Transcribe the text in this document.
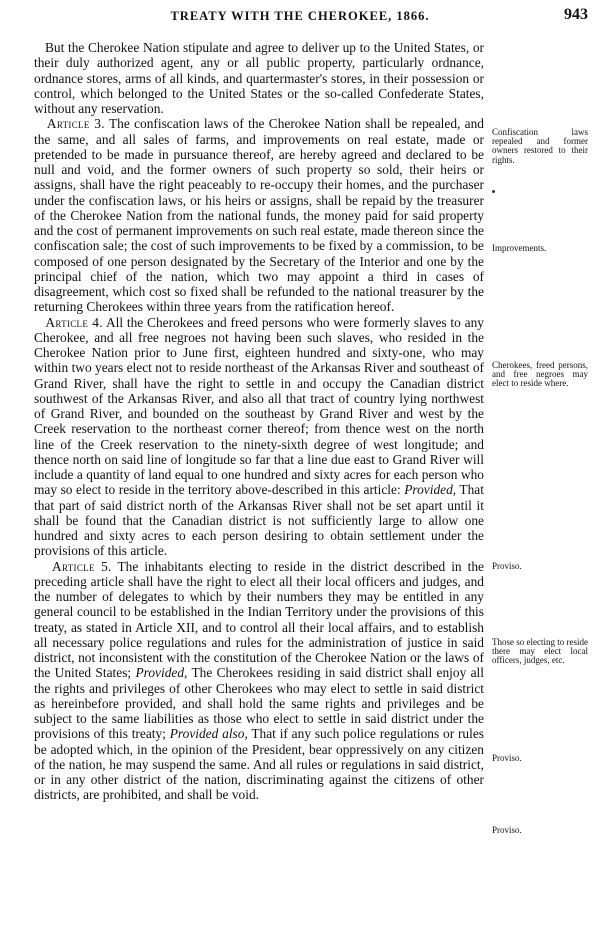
TREATY WITH THE CHEROKEE, 1866.	943

But the Cherokee Nation stipulate and agree to deliver up to the United States, or their duly authorized agent, any or all public property, particularly ordnance, ordnance stores, arms of all kinds, and quartermaster's stores, in their possession or control, which belonged to the United States or the so-called Confederate States, without any reservation.

Article 3. The confiscation laws of the Cherokee Nation shall be repealed, and the same, and all sales of farms, and improvements on real estate, made or pretended to be made in pursuance thereof, are hereby agreed and declared to be null and void, and the former owners of such property so sold, their heirs or assigns, shall have the right peaceably to re-occupy their homes, and the purchaser under the confiscation laws, or his heirs or assigns, shall be repaid by the treasurer of the Cherokee Nation from the national funds, the money paid for said property and the cost of permanent improvements on such real estate, made thereon since the confiscation sale; the cost of such improvements to be fixed by a commission, to be composed of one person designated by the Secretary of the Interior and one by the principal chief of the nation, which two may appoint a third in cases of disagreement, which cost so fixed shall be refunded to the national treasurer by the returning Cherokees within three years from the ratification hereof.

Article 4. All the Cherokees and freed persons who were formerly slaves to any Cherokee, and all free negroes not having been such slaves, who resided in the Cherokee Nation prior to June first, eighteen hundred and sixty-one, who may within two years elect not to reside northeast of the Arkansas River and southeast of Grand River, shall have the right to settle in and occupy the Canadian district southwest of the Arkansas River, and also all that tract of country lying northwest of Grand River, and bounded on the southeast by Grand River and west by the Creek reservation to the northeast corner thereof; from thence west on the north line of the Creek reservation to the ninety-sixth degree of west longitude; and thence north on said line of longitude so far that a line due east to Grand River will include a quantity of land equal to one hundred and sixty acres for each person who may so elect to reside in the territory above-described in this article: Provided, That that part of said district north of the Arkansas River shall not be set apart until it shall be found that the Canadian district is not sufficiently large to allow one hundred and sixty acres to each person desiring to obtain settlement under the provisions of this article.

Article 5. The inhabitants electing to reside in the district described in the preceding article shall have the right to elect all their local officers and judges, and the number of delegates to which by their numbers they may be entitled in any general council to be established in the Indian Territory under the provisions of this treaty, as stated in Article XII, and to control all their local affairs, and to establish all necessary police regulations and rules for the administration of justice in said district, not inconsistent with the constitution of the Cherokee Nation or the laws of the United States; Provided, The Cherokees residing in said district shall enjoy all the rights and privileges of other Cherokees who may elect to settle in said district as hereinbefore provided, and shall hold the same rights and privileges and be subject to the same liabilities as those who elect to settle in said district under the provisions of this treaty; Provided also, That if any such police regulations or rules be adopted which, in the opinion of the President, bear oppressively on any citizen of the nation, he may suspend the same. And all rules or regulations in said district, or in any other district of the nation, discriminating against the citizens of other districts, are prohibited, and shall be void.

Confiscation laws repealed and former owners restored to their rights.
Improvements.
Cherokees, freed persons, and free negroes may elect to reside where.
Proviso.
Those so electing to reside there may elect local officers, judges, etc.
Proviso.
Proviso.
